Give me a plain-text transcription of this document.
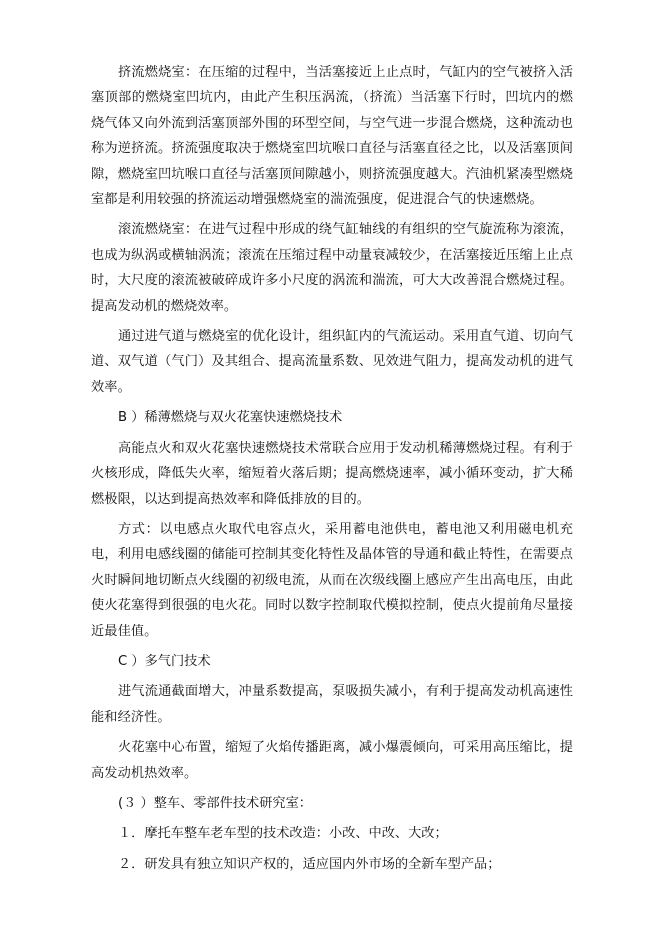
挤流燃烧室：在压缩的过程中，当活塞接近上止点时，气缸内的空气被挤入活塞顶部的燃烧室凹坑内，由此产生积压涡流，（挤流）当活塞下行时，凹坑内的燃烧气体又向外流到活塞顶部外围的环型空间，与空气进一步混合燃烧，这种流动也称为逆挤流。挤流强度取决于燃烧室凹坑喉口直径与活塞直径之比，以及活塞顶间隙，燃烧室凹坑喉口直径与活塞顶间隙越小，则挤流强度越大。汽油机紧凑型燃烧室都是利用较强的挤流运动增强燃烧室的湍流强度，促进混合气的快速燃烧。

滚流燃烧室：在进气过程中形成的绕气缸轴线的有组织的空气旋流称为滚流，也成为纵涡或横轴涡流；滚流在压缩过程中动量衰减较少，在活塞接近压缩上止点时，大尺度的滚流被破碎成许多小尺度的涡流和湍流，可大大改善混合燃烧过程。提高发动机的燃烧效率。

通过进气道与燃烧室的优化设计，组织缸内的气流运动。采用直气道、切向气道、双气道（气门）及其组合、提高流量系数、见效进气阻力，提高发动机的进气效率。

B ）稀薄燃烧与双火花塞快速燃烧技术

高能点火和双火花塞快速燃烧技术常联合应用于发动机稀薄燃烧过程。有利于火核形成，降低失火率，缩短着火落后期；提高燃烧速率，减小循环变动，扩大稀燃极限，以达到提高热效率和降低排放的目的。

方式：以电感点火取代电容点火，采用蓄电池供电，蓄电池又利用磁电机充电，利用电感线圈的储能可控制其变化特性及晶体管的导通和截止特性，在需要点火时瞬间地切断点火线圈的初级电流，从而在次级线圈上感应产生出高电压，由此使火花塞得到很强的电火花。同时以数字控制取代模拟控制，使点火提前角尽量接近最佳值。

C ）多气门技术

进气流通截面增大，冲量系数提高，泵吸损失减小，有利于提高发动机高速性能和经济性。

火花塞中心布置，缩短了火焰传播距离，减小爆震倾向，可采用高压缩比，提高发动机热效率。

(３ ）整车、零部件技术研究室：

１．摩托车整车老车型的技术改造：小改、中改、大改；

２．研发具有独立知识产权的，适应国内外市场的全新车型产品；
